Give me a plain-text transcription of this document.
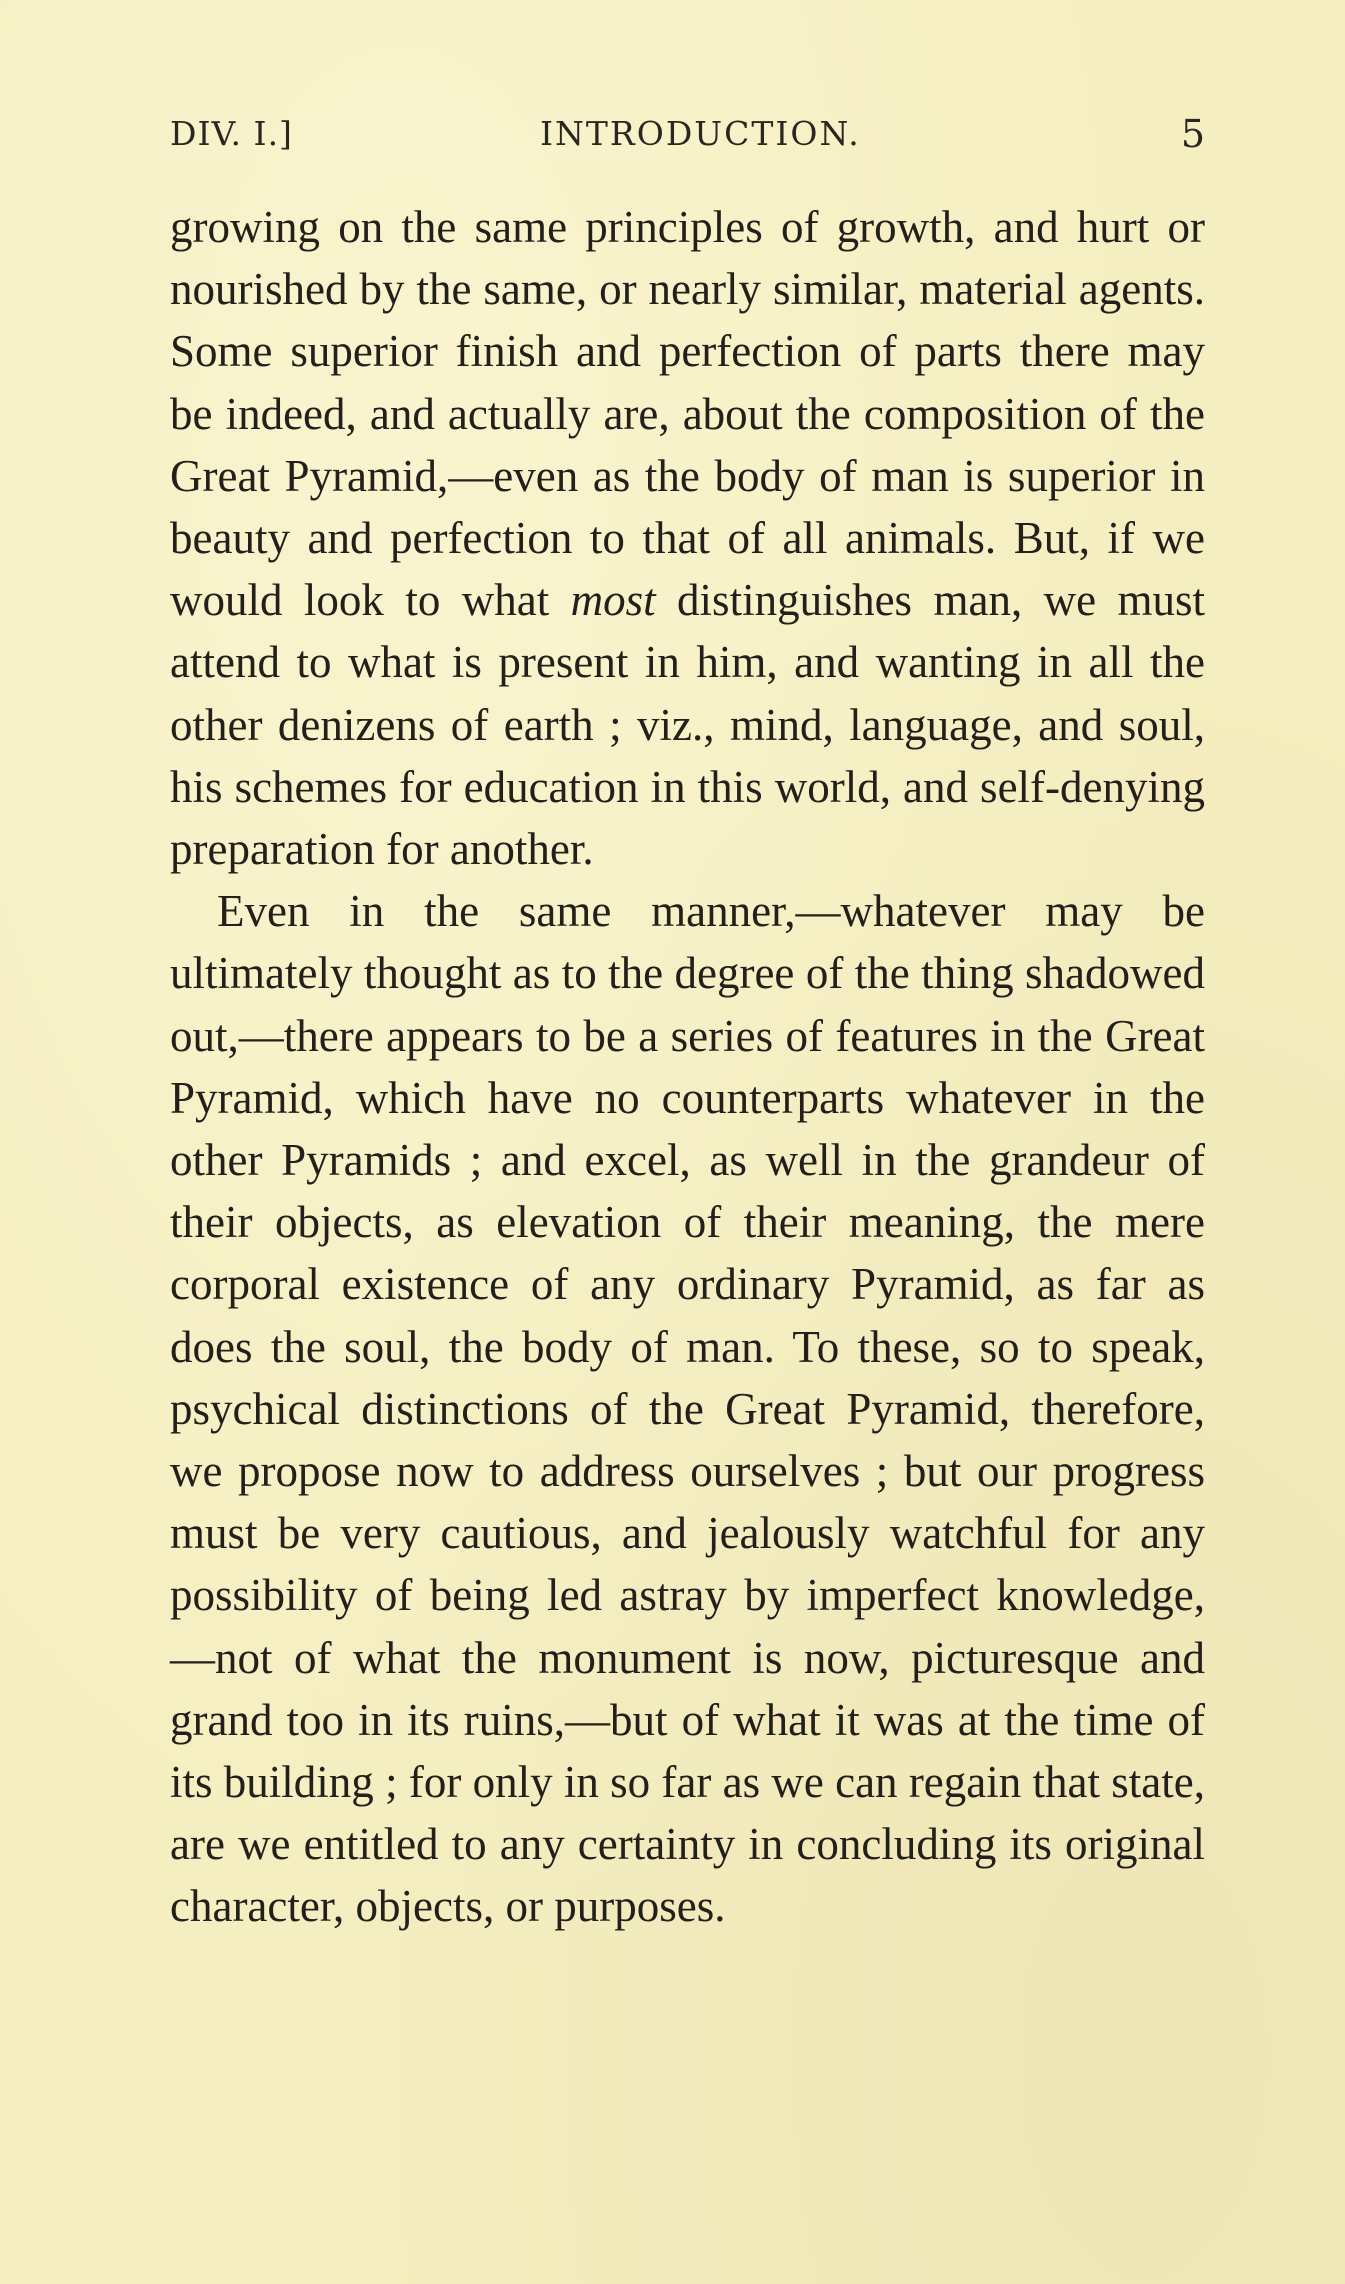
DIV. I.]	INTRODUCTION.	5

growing on the same principles of growth, and hurt or nourished by the same, or nearly similar, material agents. Some superior finish and perfection of parts there may be indeed, and actually are, about the composition of the Great Pyramid,—even as the body of man is superior in beauty and perfection to that of all animals. But, if we would look to what most distinguishes man, we must attend to what is present in him, and wanting in all the other denizens of earth ; viz., mind, language, and soul, his schemes for education in this world, and self-denying preparation for another.

Even in the same manner,—whatever may be ultimately thought as to the degree of the thing shadowed out,—there appears to be a series of features in the Great Pyramid, which have no counterparts whatever in the other Pyramids ; and excel, as well in the grandeur of their objects, as elevation of their meaning, the mere corporal existence of any ordinary Pyramid, as far as does the soul, the body of man. To these, so to speak, psychical distinctions of the Great Pyramid, therefore, we propose now to address ourselves ; but our progress must be very cautious, and jealously watchful for any possibility of being led astray by imperfect knowledge,—not of what the monument is now, picturesque and grand too in its ruins,—but of what it was at the time of its building ; for only in so far as we can regain that state, are we entitled to any certainty in concluding its original character, objects, or purposes.
